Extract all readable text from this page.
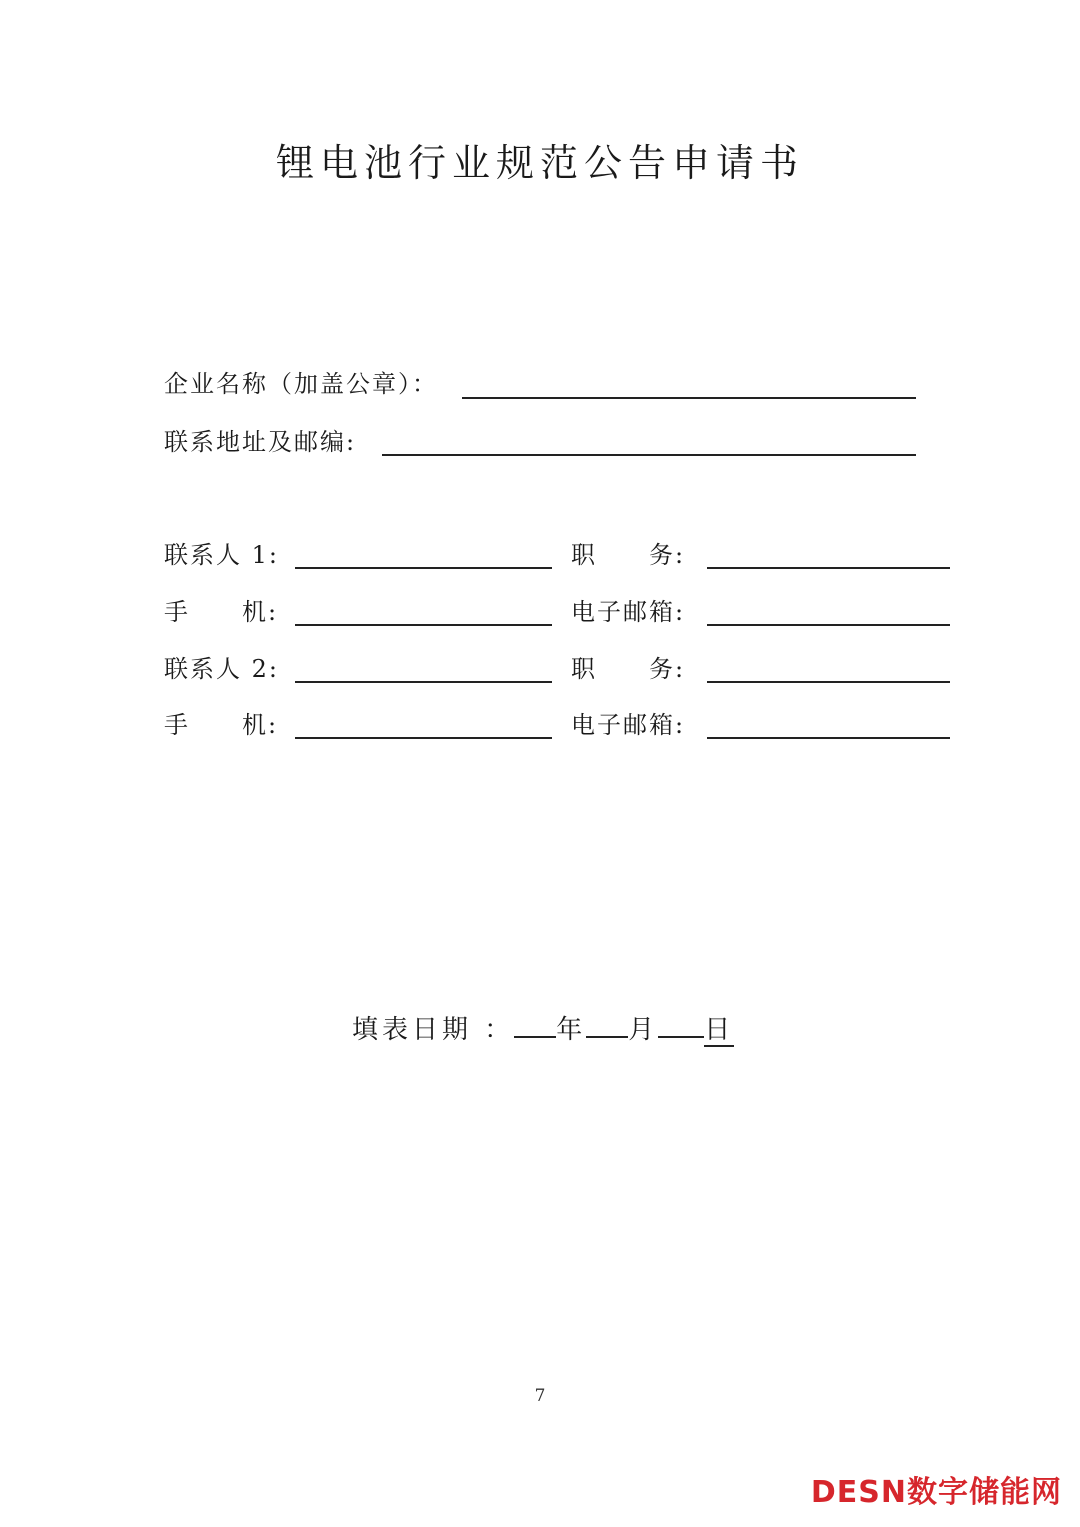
锂电池行业规范公告申请书
企业名称（加盖公章）：
联系地址及邮编:
联系人 1:	职　　务:
手　　机:	电子邮箱:
联系人 2:	职　　务:
手　　机:	电子邮箱:
填表日期 ： 年 月 日
7
DESN数字储能网
